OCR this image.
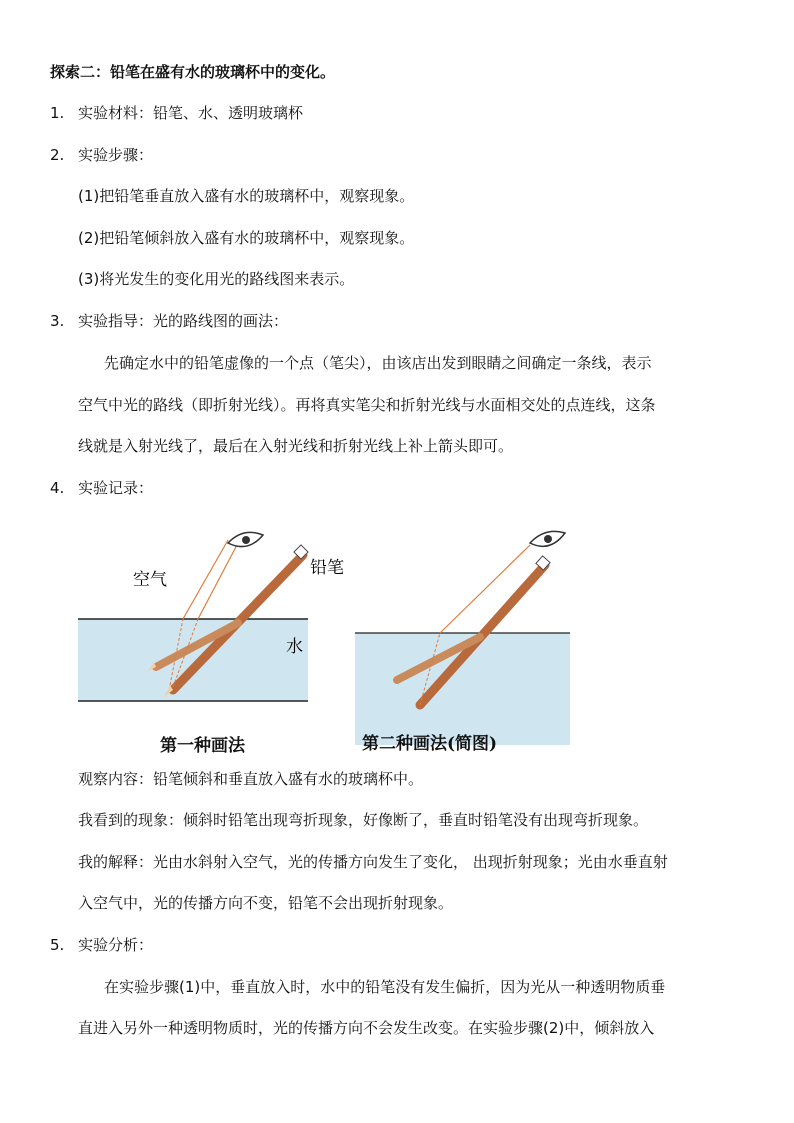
探索二：铅笔在盛有水的玻璃杯中的变化。
1. 实验材料：铅笔、水、透明玻璃杯
2. 实验步骤：
(1)把铅笔垂直放入盛有水的玻璃杯中，观察现象。
(2)把铅笔倾斜放入盛有水的玻璃杯中，观察现象。
(3)将光发生的变化用光的路线图来表示。
3. 实验指导：光的路线图的画法：
先确定水中的铅笔虚像的一个点（笔尖），由该店出发到眼睛之间确定一条线，表示
空气中光的路线（即折射光线）。再将真实笔尖和折射光线与水面相交处的点连线，这条
线就是入射光线了，最后在入射光线和折射光线上补上箭头即可。
4. 实验记录：
空气
铅笔
水
第一种画法	第二种画法(简图)
观察内容：铅笔倾斜和垂直放入盛有水的玻璃杯中。
我看到的现象：倾斜时铅笔出现弯折现象，好像断了，垂直时铅笔没有出现弯折现象。
我的解释：光由水斜射入空气，光的传播方向发生了变化， 出现折射现象；光由水垂直射
入空气中，光的传播方向不变，铅笔不会出现折射现象。
5. 实验分析：
在实验步骤(1)中，垂直放入时，水中的铅笔没有发生偏折，因为光从一种透明物质垂
直进入另外一种透明物质时，光的传播方向不会发生改变。在实验步骤(2)中，倾斜放入
